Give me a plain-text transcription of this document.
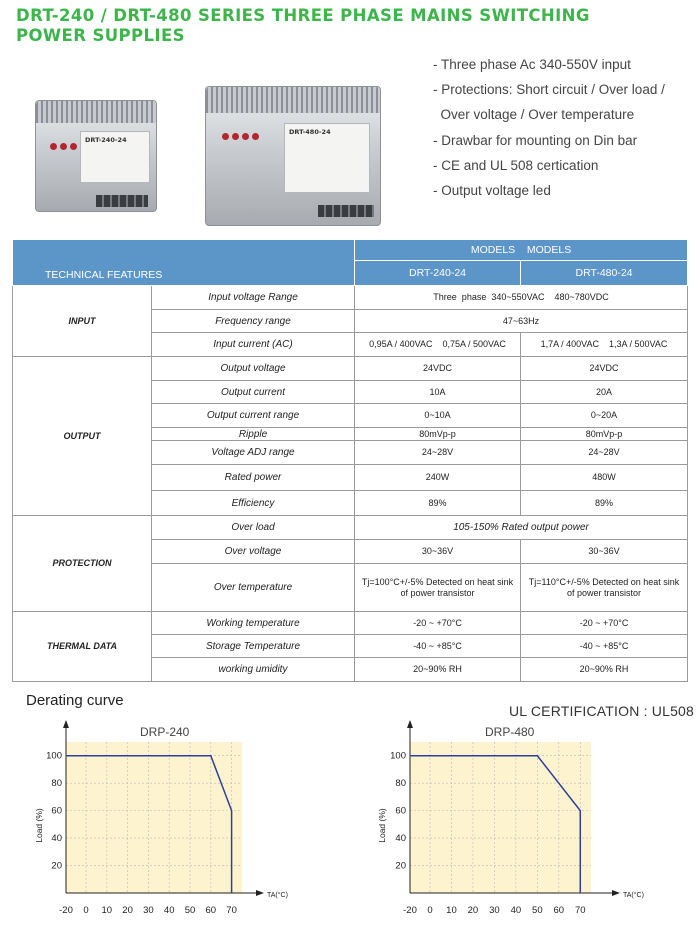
DRT-240 / DRT-480 SERIES THREE PHASE MAINS SWITCHING
POWER SUPPLIES
DRT-240-24
DRT-480-24
- Three phase Ac 340-550V input
- Protections: Short circuit / Over load /
Over voltage / Over temperature
- Drawbar for mounting on Din bar
- CE and UL 508 certication
- Output voltage led
TECHNICAL FEATURES		MODELS    MODELS	
		DRT-240-24	DRT-480-24
INPUT	Input voltage Range	Three  phase  340~550VAC    480~780VDC	
	Frequency range	47~63Hz	
	Input current (AC)	0,95A / 400VAC    0,75A / 500VAC	1,7A / 400VAC    1,3A / 500VAC
OUTPUT	Output voltage	24VDC	24VDC
	Output current	10A	20A
	Output current range	0~10A	0~20A
	Ripple	80mVp-p	80mVp-p
	Voltage ADJ range	24~28V	24~28V
	Rated power	240W	480W
	Efficiency	89%	89%
PROTECTION	Over load	105-150% Rated output power	
	Over voltage	30~36V	30~36V
	Over temperature	Tj=100°C+/-5% Detected on heat sink of power transistor	Tj=110°C+/-5% Detected on heat sink of power transistor
THERMAL DATA	Working temperature	-20 ~ +70°C	-20 ~ +70°C
	Storage Temperature	-40 ~ +85°C	-40 ~ +85°C
	working umidity	20~90% RH	20~90% RH
Derating curve
UL CERTIFICATION : UL508
-20 0 10 20 30 40 50 60 70
20
40
60
80
100
DRP-240
Load (%)
TA(°C)
-20 0 10 20 30 40 50 60 70
20
40
60
80
100
DRP-480
Load (%)
TA(°C)
